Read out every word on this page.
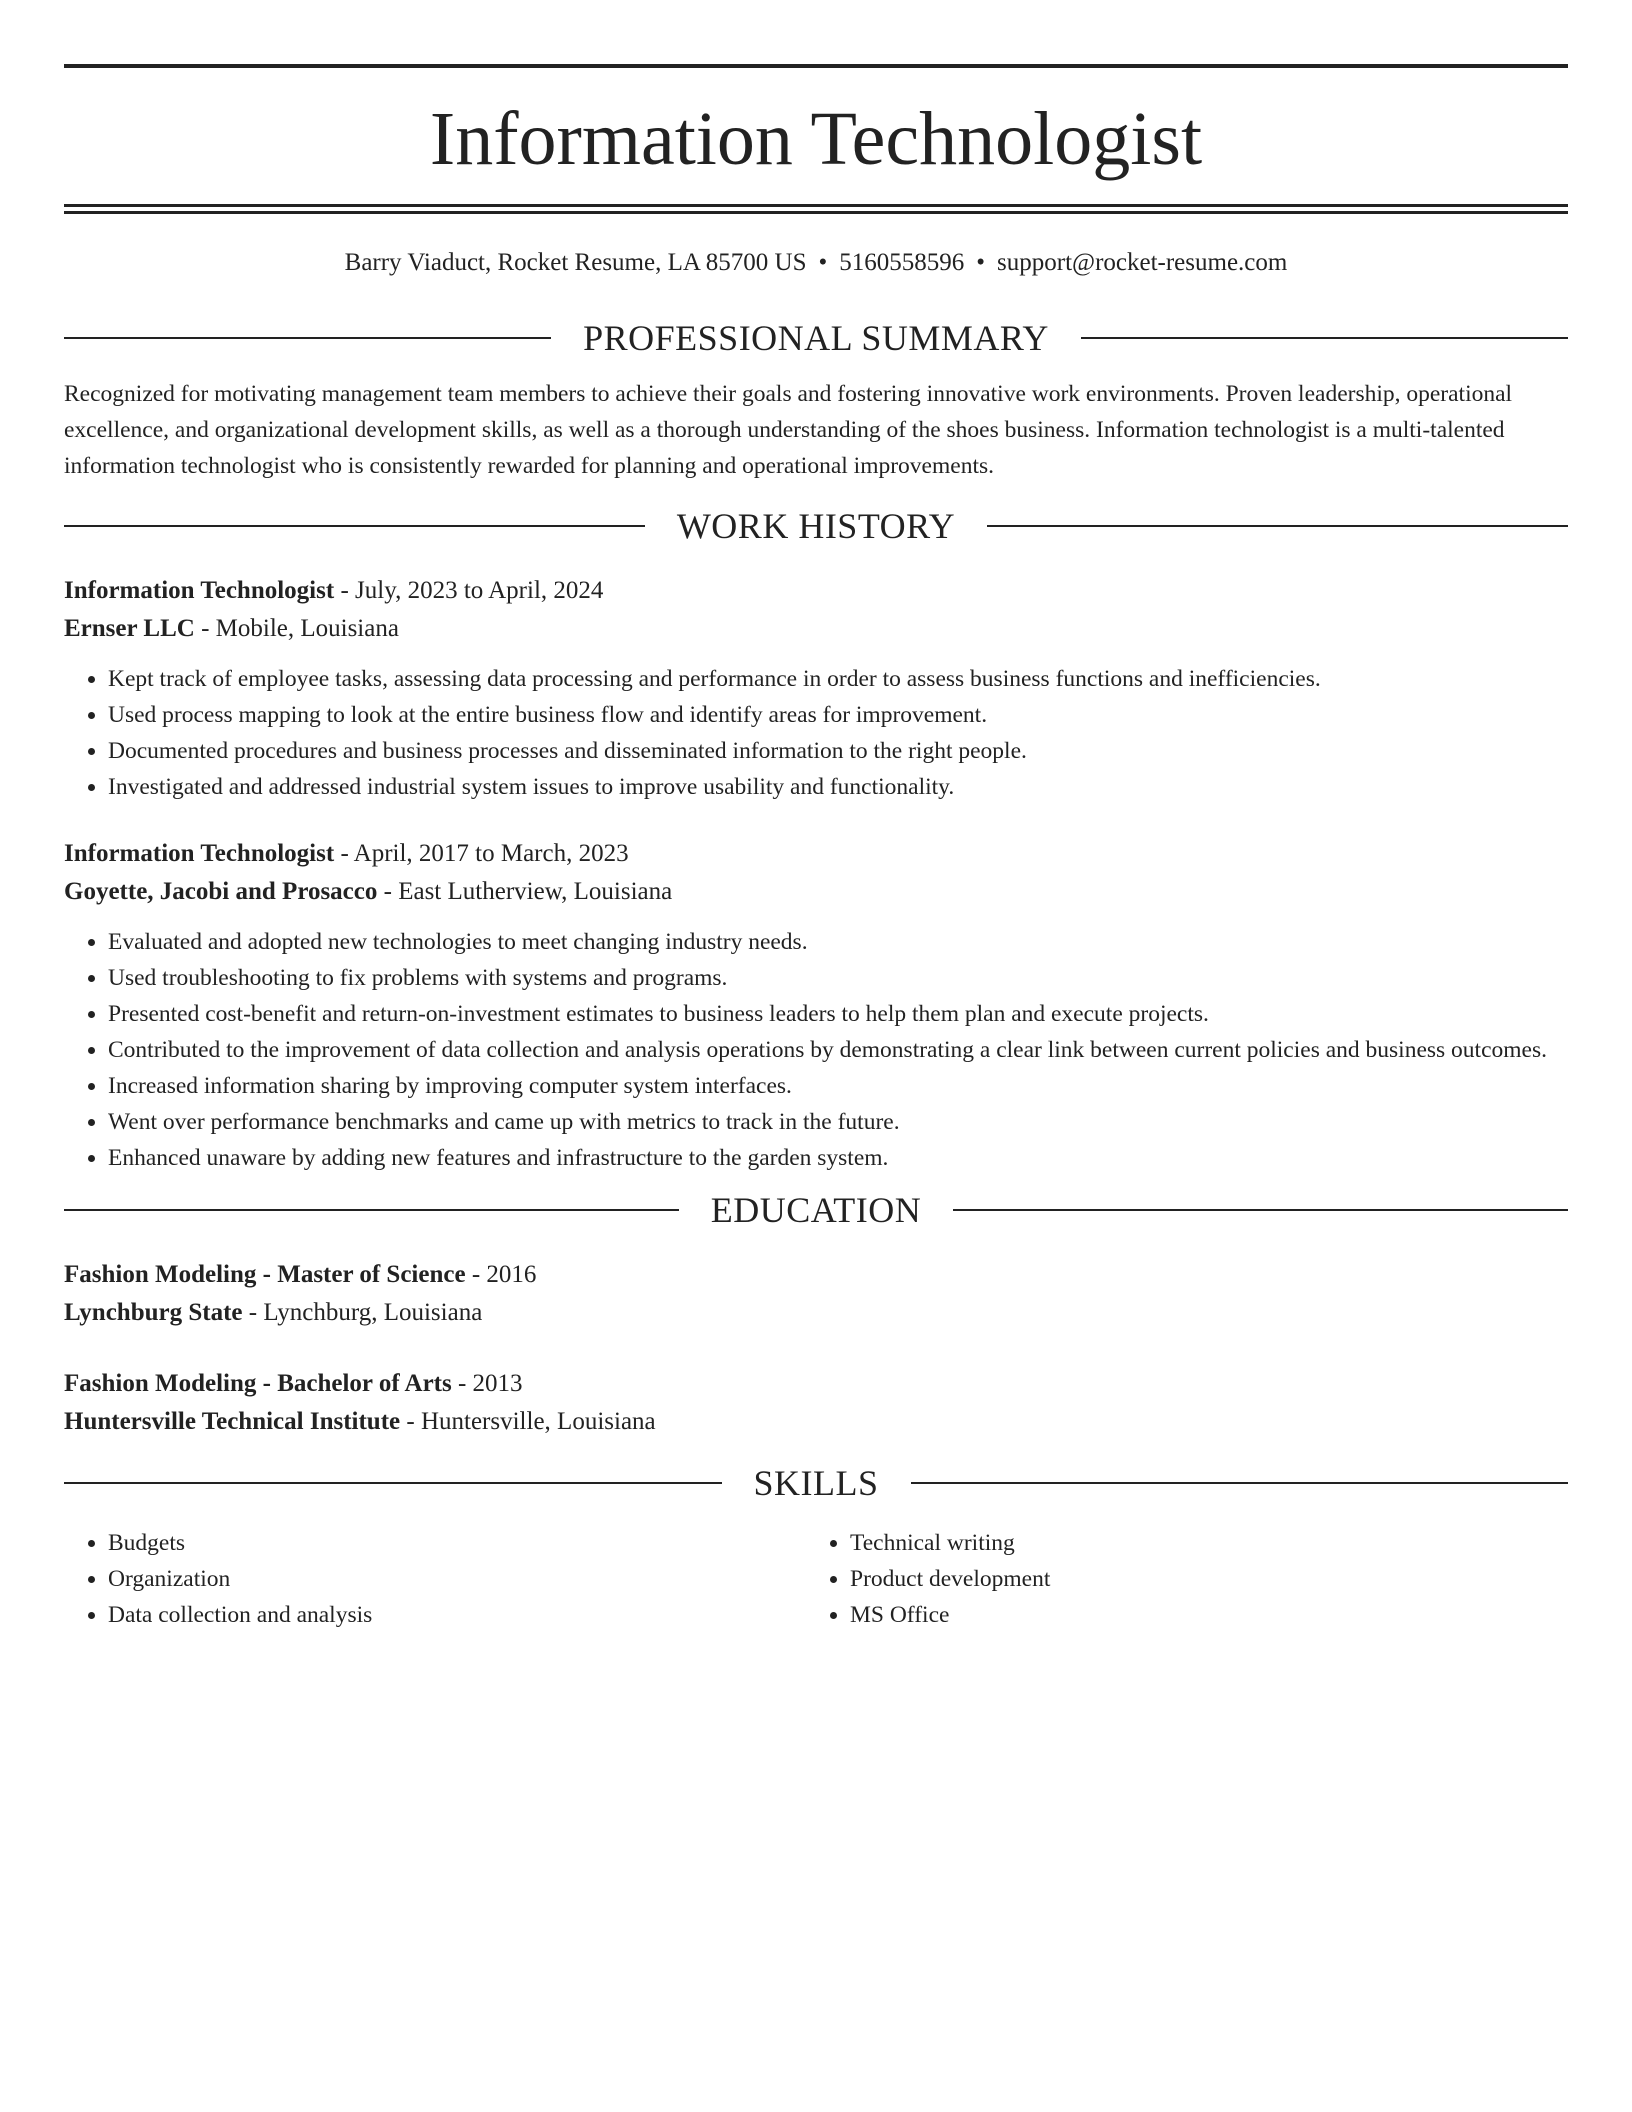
Information Technologist
Barry Viaduct, Rocket Resume, LA 85700 US • 5160558596 • support@rocket-resume.com
PROFESSIONAL SUMMARY
Recognized for motivating management team members to achieve their goals and fostering innovative work environments. Proven leadership, operational excellence, and organizational development skills, as well as a thorough understanding of the shoes business. Information technologist is a multi-talented information technologist who is consistently rewarded for planning and operational improvements.
WORK HISTORY
Information Technologist - July, 2023 to April, 2024
Ernser LLC - Mobile, Louisiana
• Kept track of employee tasks, assessing data processing and performance in order to assess business functions and inefficiencies.
• Used process mapping to look at the entire business flow and identify areas for improvement.
• Documented procedures and business processes and disseminated information to the right people.
• Investigated and addressed industrial system issues to improve usability and functionality.
Information Technologist - April, 2017 to March, 2023
Goyette, Jacobi and Prosacco - East Lutherview, Louisiana
• Evaluated and adopted new technologies to meet changing industry needs.
• Used troubleshooting to fix problems with systems and programs.
• Presented cost-benefit and return-on-investment estimates to business leaders to help them plan and execute projects.
• Contributed to the improvement of data collection and analysis operations by demonstrating a clear link between current policies and business outcomes.
• Increased information sharing by improving computer system interfaces.
• Went over performance benchmarks and came up with metrics to track in the future.
• Enhanced unaware by adding new features and infrastructure to the garden system.
EDUCATION
Fashion Modeling - Master of Science - 2016
Lynchburg State - Lynchburg, Louisiana
Fashion Modeling - Bachelor of Arts - 2013
Huntersville Technical Institute - Huntersville, Louisiana
SKILLS
• Budgets
• Organization
• Data collection and analysis
• Technical writing
• Product development
• MS Office
